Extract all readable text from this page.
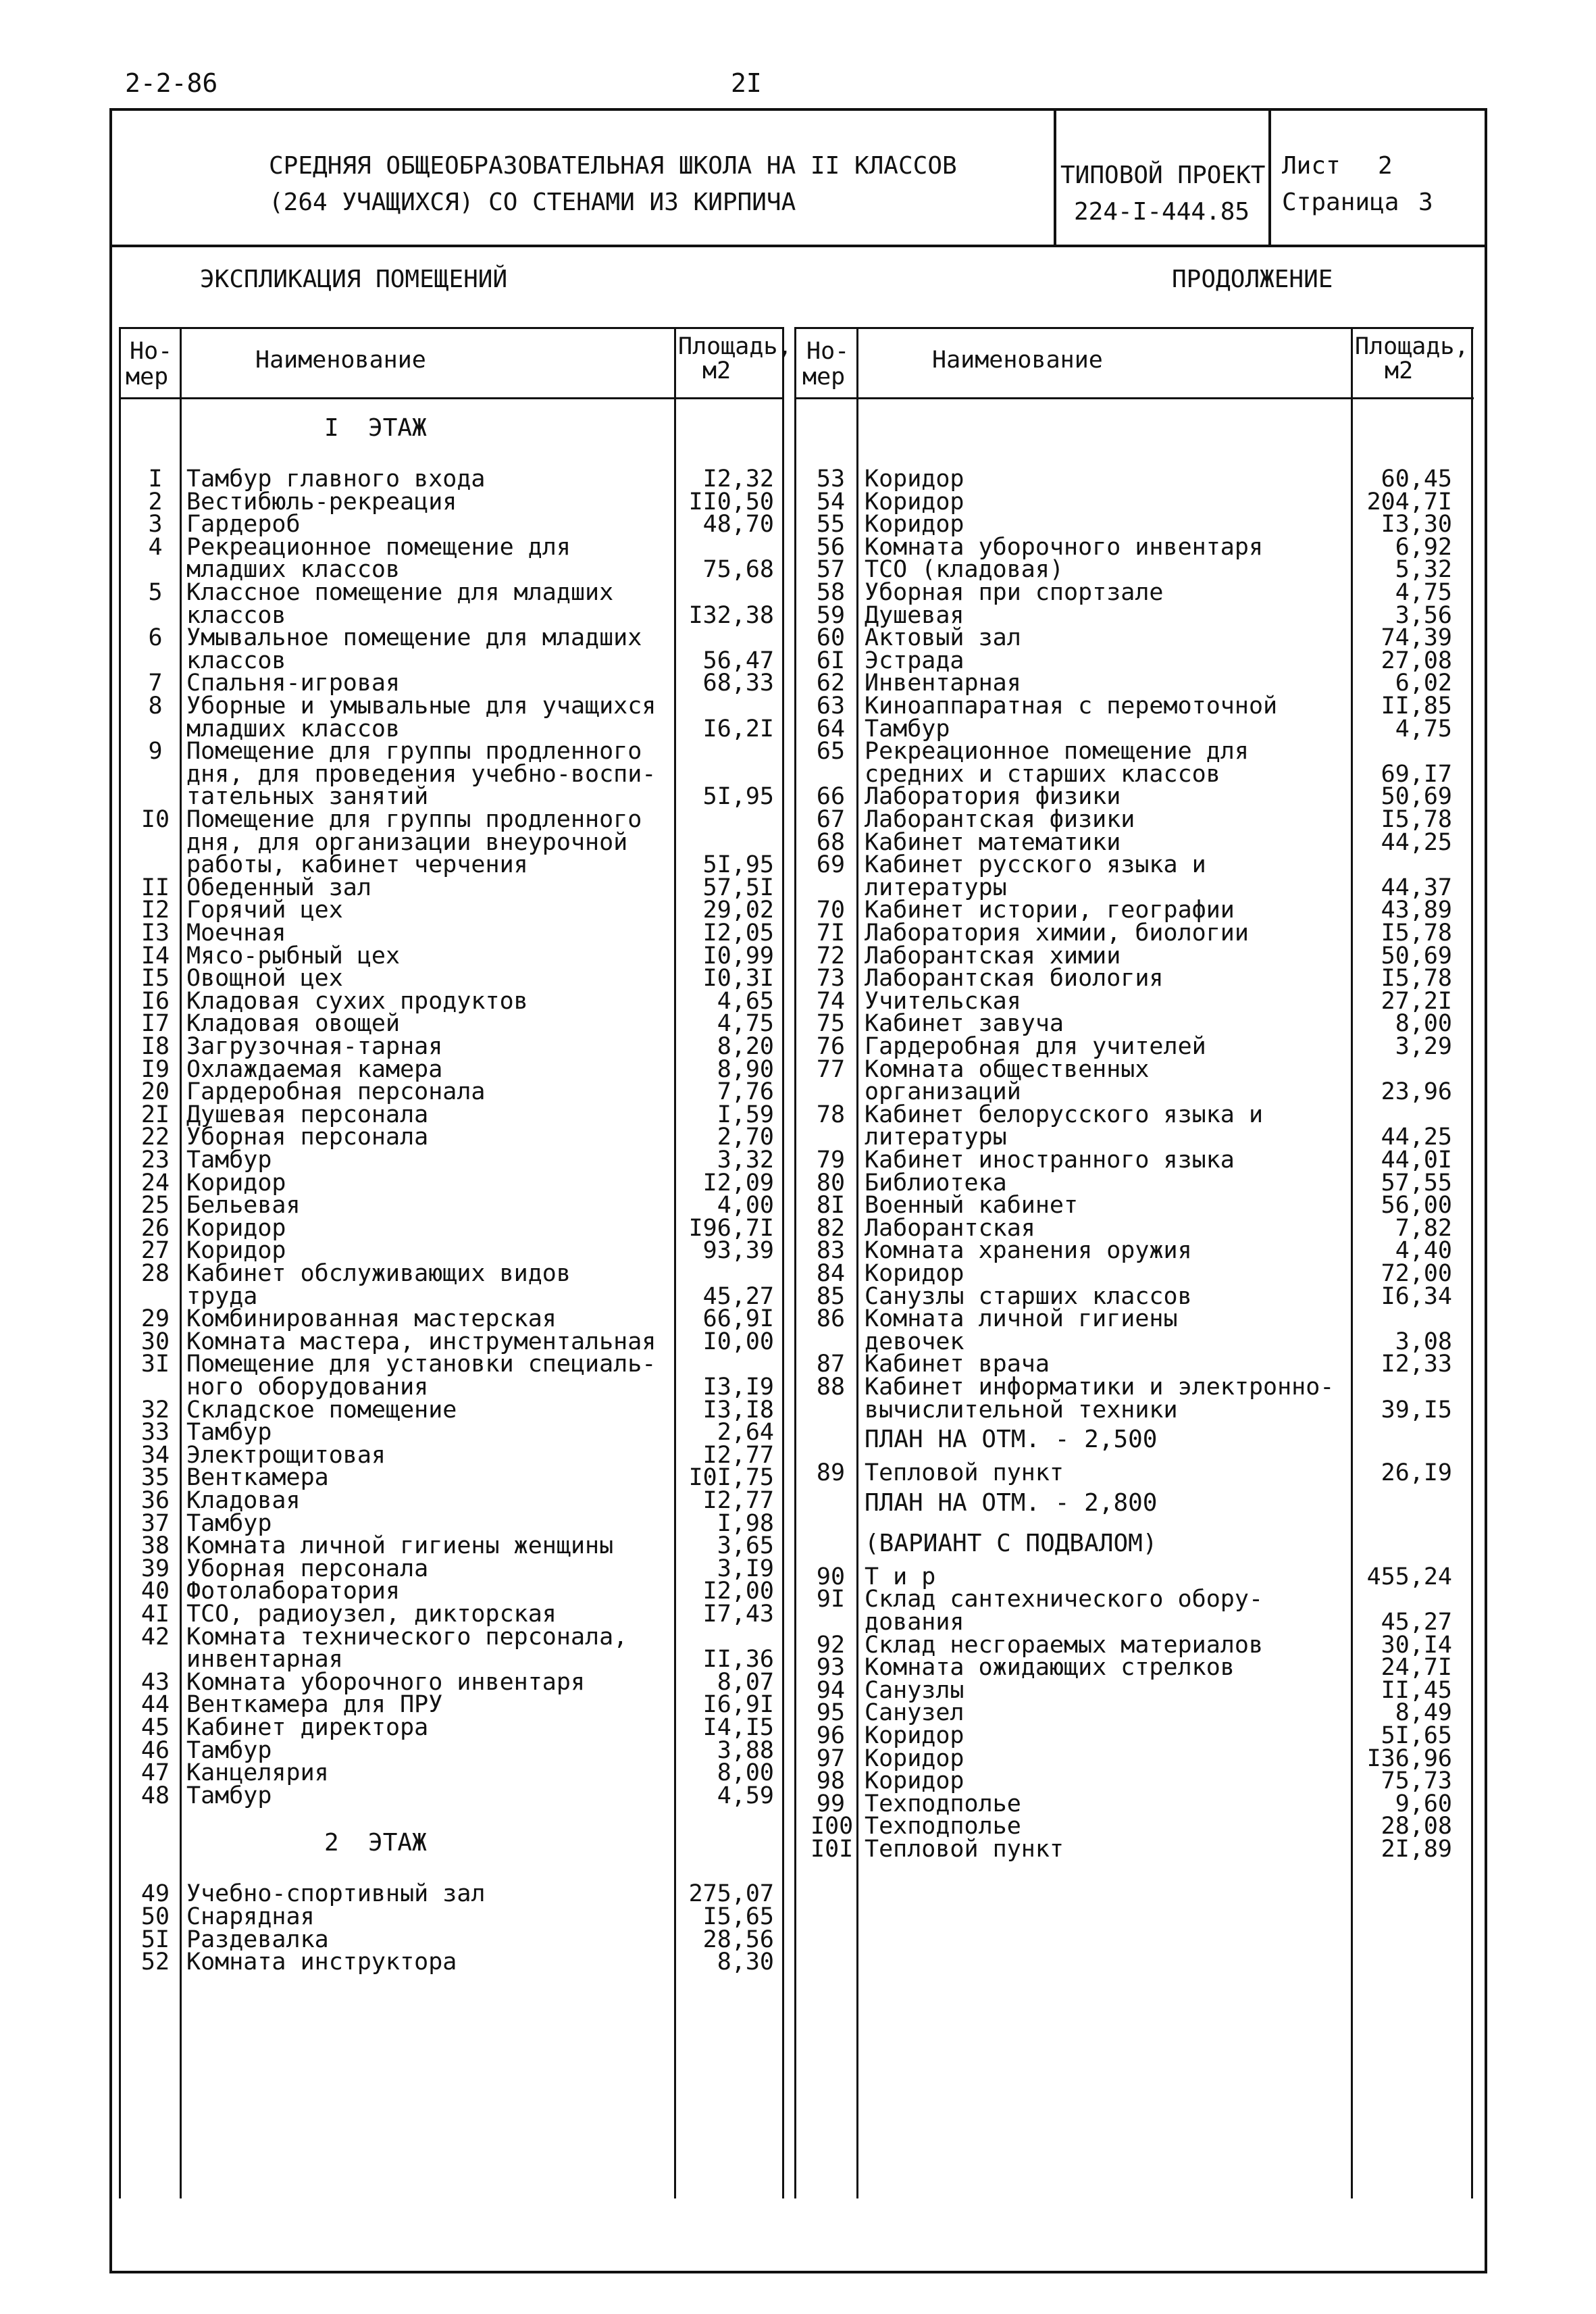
2-2-86	2I
СРЕДНЯЯ ОБЩЕОБРАЗОВАТЕЛЬНАЯ ШКОЛА НА II КЛАССОВ
(264 УЧАЩИХСЯ) СО СТЕНАМИ ИЗ КИРПИЧА
ТИПОВОЙ ПРОЕКТ
224-I-444.85
Лист 2
Страница 3
ЭКСПЛИКАЦИЯ ПОМЕЩЕНИЙ	ПРОДОЛЖЕНИЕ
Но-
мер
Наименование	Площадь,
м2
Но-
мер
Наименование	Площадь,
м2
I  ЭТАЖ
I	Тамбур главного входа	I2,32
2	Вестибюль-рекреация	II0,50
3	Гардероб	48,70
4	Рекреационное помещение для
младших классов	75,68
5	Классное помещение для младших
классов	I32,38
6	Умывальное помещение для младших
классов	56,47
7	Спальня-игровая	68,33
8	Уборные и умывальные для учащихся
младших классов	I6,2I
9	Помещение для группы продленного
дня, для проведения учебно-воспи-
тательных занятий	5I,95
I0 Помещение для группы продленного
дня, для организации внеурочной
работы, кабинет черчения	5I,95
II Обеденный зал	57,5I
I2 Горячий цех	29,02
I3 Моечная	I2,05
I4 Мясо-рыбный цех	I0,99
I5 Овощной цех	I0,3I
I6 Кладовая сухих продуктов	4,65
I7 Кладовая овощей	4,75
I8 Загрузочная-тарная	8,20
I9 Охлаждаемая камера	8,90
20 Гардеробная персонала	7,76
2I Душевая персонала	I,59
22 Уборная персонала	2,70
23 Тамбур	3,32
24 Коридор	I2,09
25 Бельевая	4,00
26 Коридор	I96,7I
27 Коридор	93,39
28 Кабинет обслуживающих видов
труда	45,27
29 Комбинированная мастерская	66,9I
30 Комната мастера, инструментальная	I0,00
3I Помещение для установки специаль-
ного оборудования	I3,I9
32 Складское помещение	I3,I8
33 Тамбур	2,64
34 Электрощитовая	I2,77
35 Венткамера	I0I,75
36 Кладовая	I2,77
37 Тамбур	I,98
38 Комната личной гигиены женщины	3,65
39 Уборная персонала	3,I9
40 Фотолаборатория	I2,00
4I ТСО, радиоузел, дикторская	I7,43
42 Комната технического персонала,
инвентарная	II,36
43 Комната уборочного инвентаря	8,07
44 Венткамера для ПРУ	I6,9I
45 Кабинет директора	I4,I5
46 Тамбур	3,88
47 Канцелярия	8,00
48 Тамбур	4,59
2  ЭТАЖ
49 Учебно-спортивный зал	275,07
50 Снарядная	I5,65
5I Раздевалка	28,56
52 Комната инструктора	8,30
53 Коридор	60,45
54 Коридор	204,7I
55 Коридор	I3,30
56 Комната уборочного инвентаря	6,92
57 ТСО (кладовая)	5,32
58 Уборная при спортзале	4,75
59 Душевая	3,56
60 Актовый зал	74,39
6I Эстрада	27,08
62 Инвентарная	6,02
63 Киноаппаратная с перемоточной	II,85
64 Тамбур	4,75
65 Рекреационное помещение для
средних и старших классов	69,I7
66 Лаборатория физики	50,69
67 Лаборантская физики	I5,78
68 Кабинет математики	44,25
69 Кабинет русского языка и
литературы	44,37
70 Кабинет истории, географии	43,89
7I Лаборатория химии, биологии	I5,78
72 Лаборантская химии	50,69
73 Лаборантская биология	I5,78
74 Учительская	27,2I
75 Кабинет завуча	8,00
76 Гардеробная для учителей	3,29
77 Комната общественных
организаций	23,96
78 Кабинет белорусского языка и
литературы	44,25
79 Кабинет иностранного языка	44,0I
80 Библиотека	57,55
8I Военный кабинет	56,00
82 Лаборантская	7,82
83 Комната хранения оружия	4,40
84 Коридор	72,00
85 Санузлы старших классов	I6,34
86 Комната личной гигиены
девочек	3,08
87 Кабинет врача	I2,33
88 Кабинет информатики и электронно-
вычислительной техники	39,I5
ПЛАН НА ОТМ. - 2,500
89 Тепловой пункт	26,I9
ПЛАН НА ОТМ. - 2,800
(ВАРИАНТ С ПОДВАЛОМ)
90 Т и р	455,24
9I Склад сантехнического обору-
дования	45,27
92 Склад несгораемых материалов	30,I4
93 Комната ожидающих стрелков	24,7I
94 Санузлы	II,45
95 Санузел	8,49
96 Коридор	5I,65
97 Коридор	I36,96
98 Коридор	75,73
99 Техподполье	9,60
I00 Техподполье	28,08
I0I Тепловой пункт	2I,89
